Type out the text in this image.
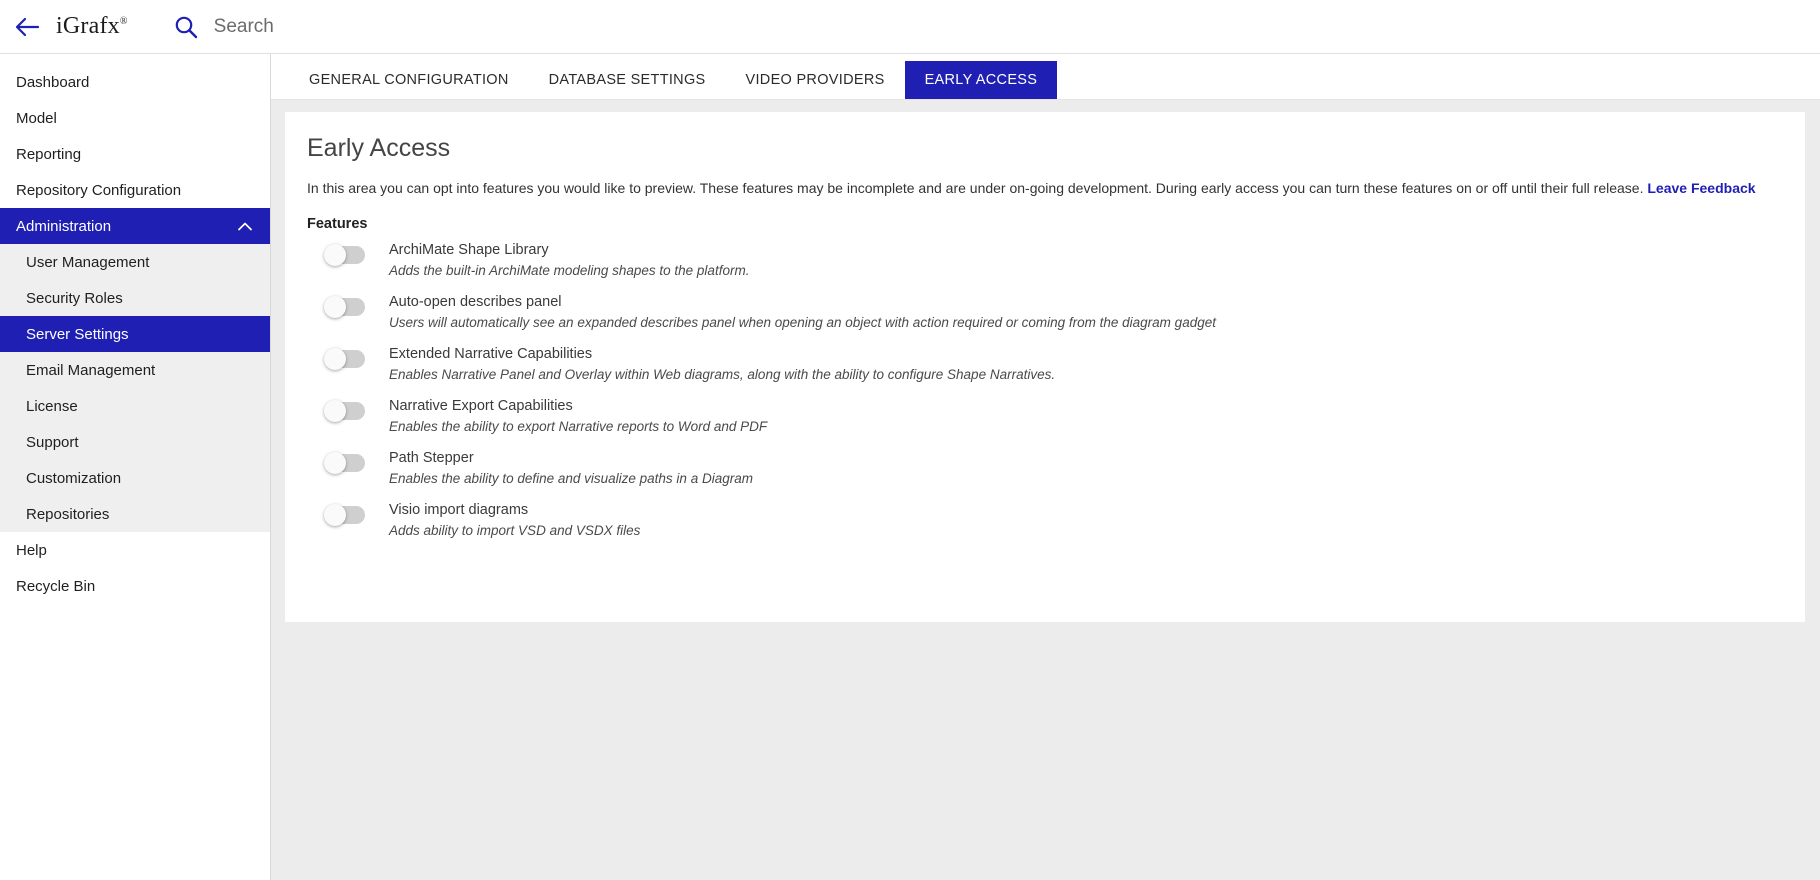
iGrafx®
Search
Dashboard
Model
Reporting
Repository Configuration
Administration
User Management
Security Roles
Server Settings
Email Management
License
Support
Customization
Repositories
Help
Recycle Bin
GENERAL CONFIGURATION	DATABASE SETTINGS	VIDEO PROVIDERS	EARLY ACCESS
Early Access
In this area you can opt into features you would like to preview. These features may be incomplete and are under on-going development. During early access you can turn these features on or off until their full release. Leave Feedback
Features
ArchiMate Shape Library
Adds the built-in ArchiMate modeling shapes to the platform.
Auto-open describes panel
Users will automatically see an expanded describes panel when opening an object with action required or coming from the diagram gadget
Extended Narrative Capabilities
Enables Narrative Panel and Overlay within Web diagrams, along with the ability to configure Shape Narratives.
Narrative Export Capabilities
Enables the ability to export Narrative reports to Word and PDF
Path Stepper
Enables the ability to define and visualize paths in a Diagram
Visio import diagrams
Adds ability to import VSD and VSDX files
